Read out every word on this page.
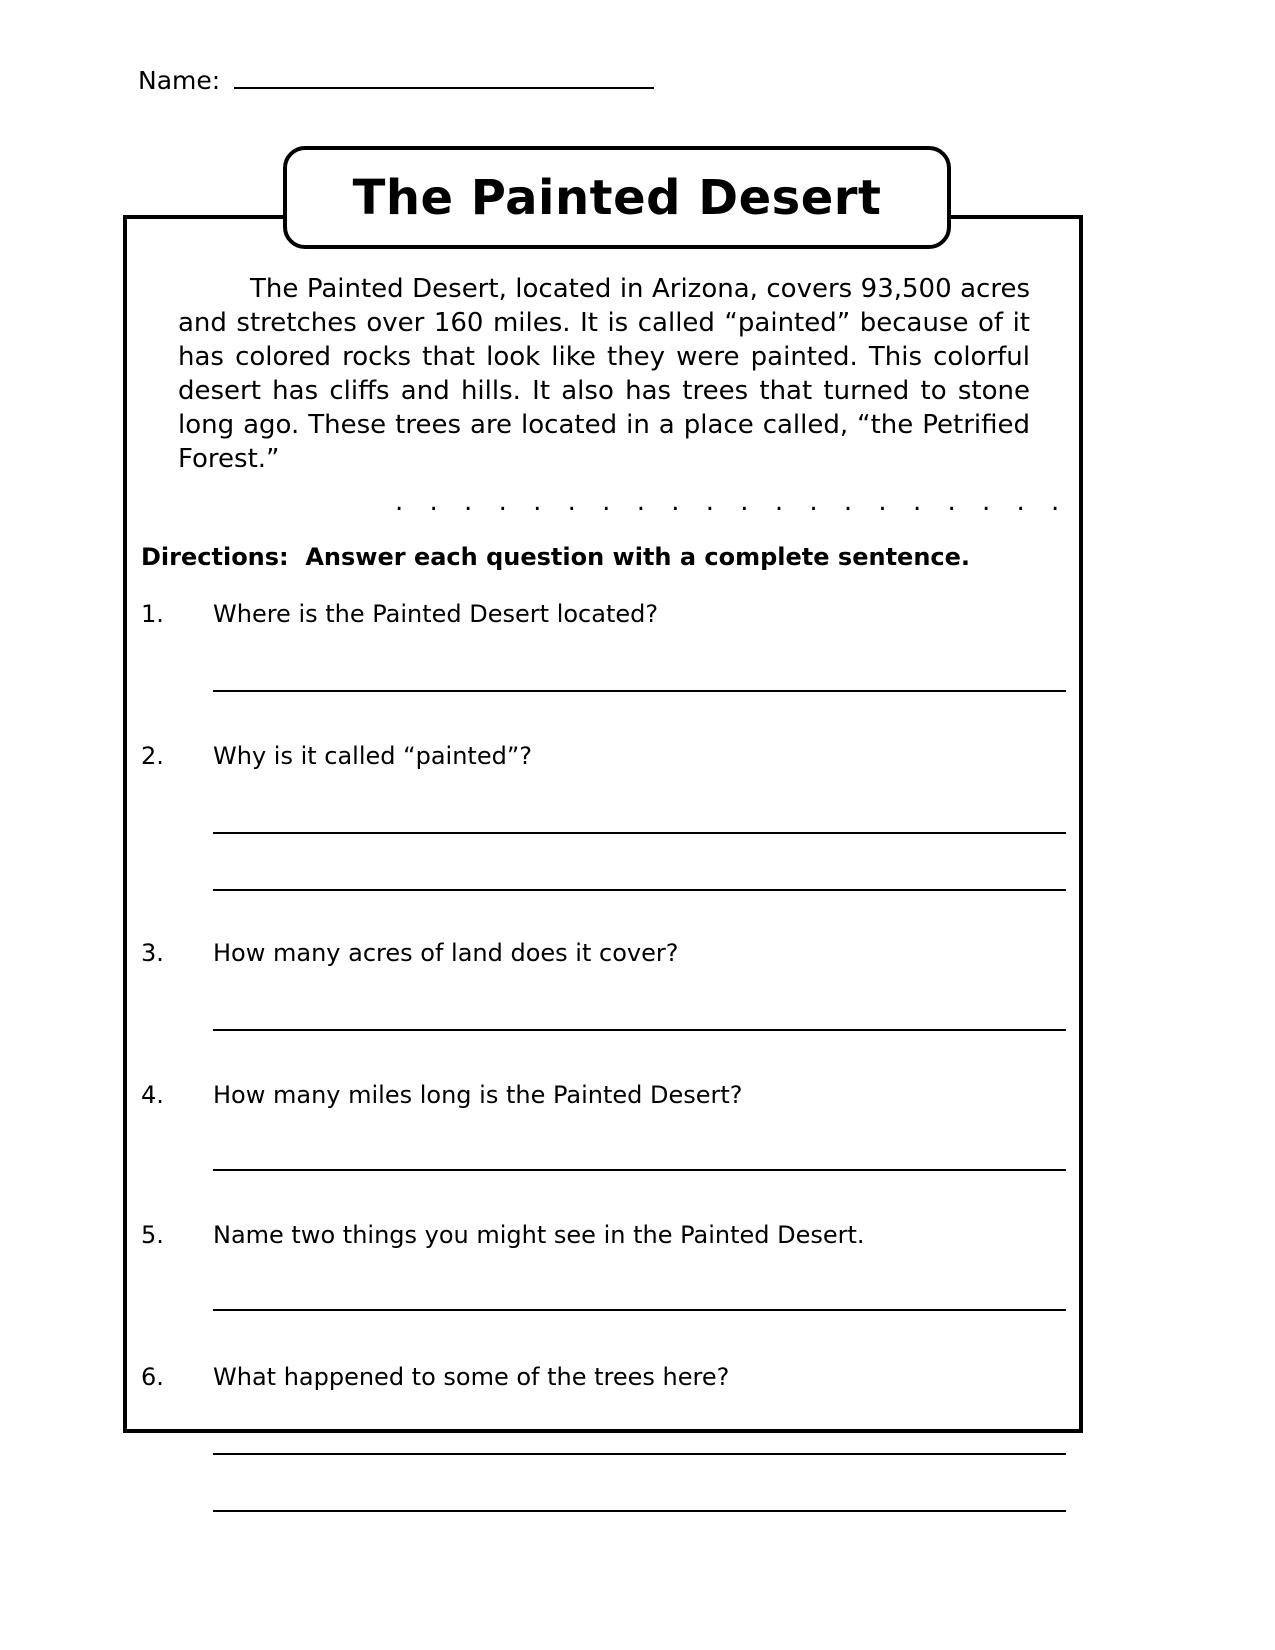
Name:
The Painted Desert
The Painted Desert, located in Arizona, covers 93,500 acres and stretches over 160 miles. It is called “painted” because of it has colored rocks that look like they were painted. This colorful desert has cliffs and hills. It also has trees that turned to stone long ago. These trees are located in a place called, “the Petrified Forest.”
. . . . . . . . . . . . . . . . . . . .
Directions:  Answer each question with a complete sentence.
1.	Where is the Painted Desert located?
2.	Why is it called “painted”?
3.	How many acres of land does it cover?
4.	How many miles long is the Painted Desert?
5.	Name two things you might see in the Painted Desert.
6.	What happened to some of the trees here?
